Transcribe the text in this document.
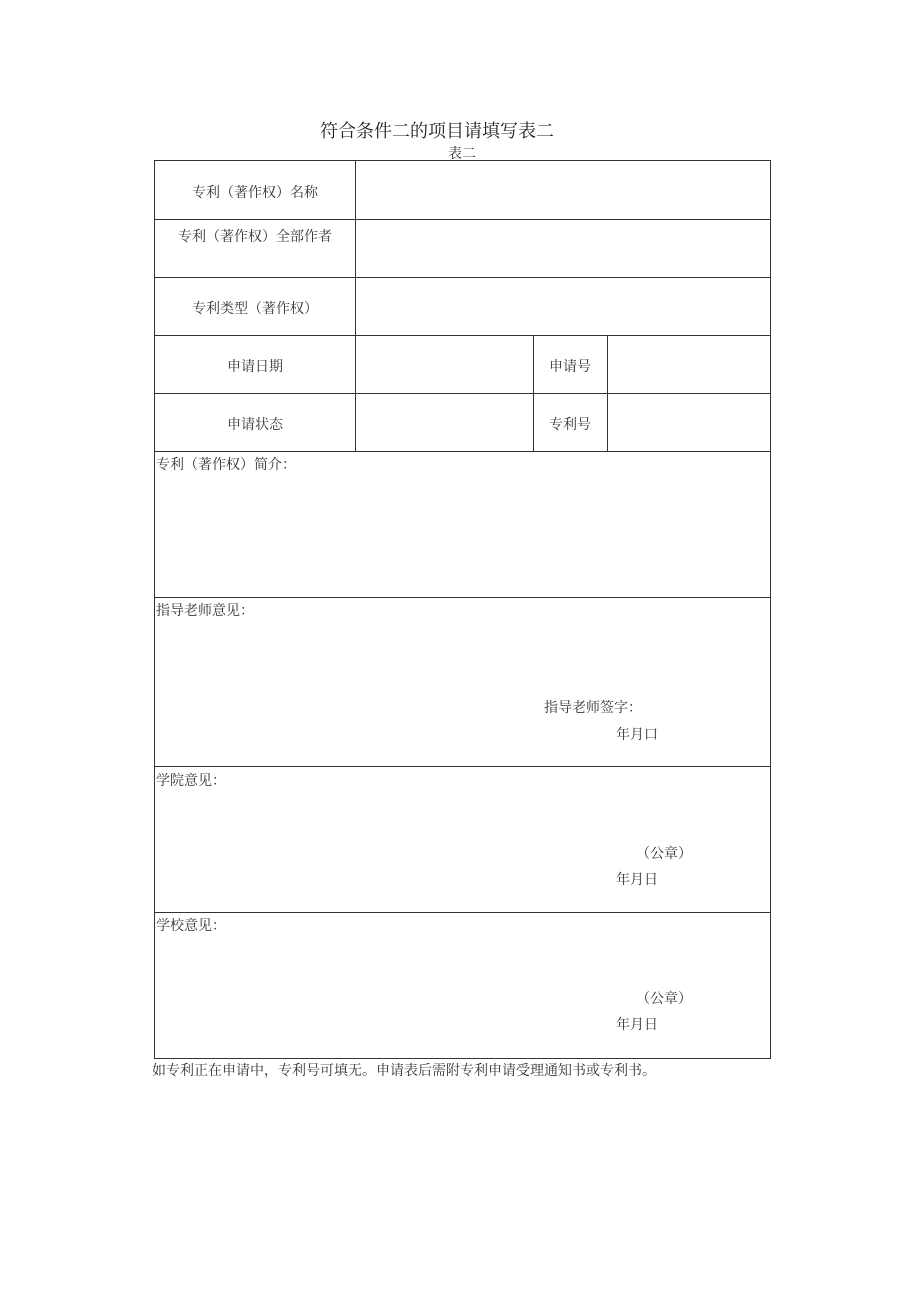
符合条件二的项目请填写表二
表二
专利（著作权）名称
专利（著作权）全部作者
专利类型（著作权）
申请日期	申请号
申请状态	专利号
专利（著作权）简介：
指导老师意见：
指导老师签字：
年月口
学院意见：
（公章）
年月日
学校意见：
（公章）
年月日
如专利正在申请中，专利号可填无。申请表后需附专利申请受理通知书或专利书。
